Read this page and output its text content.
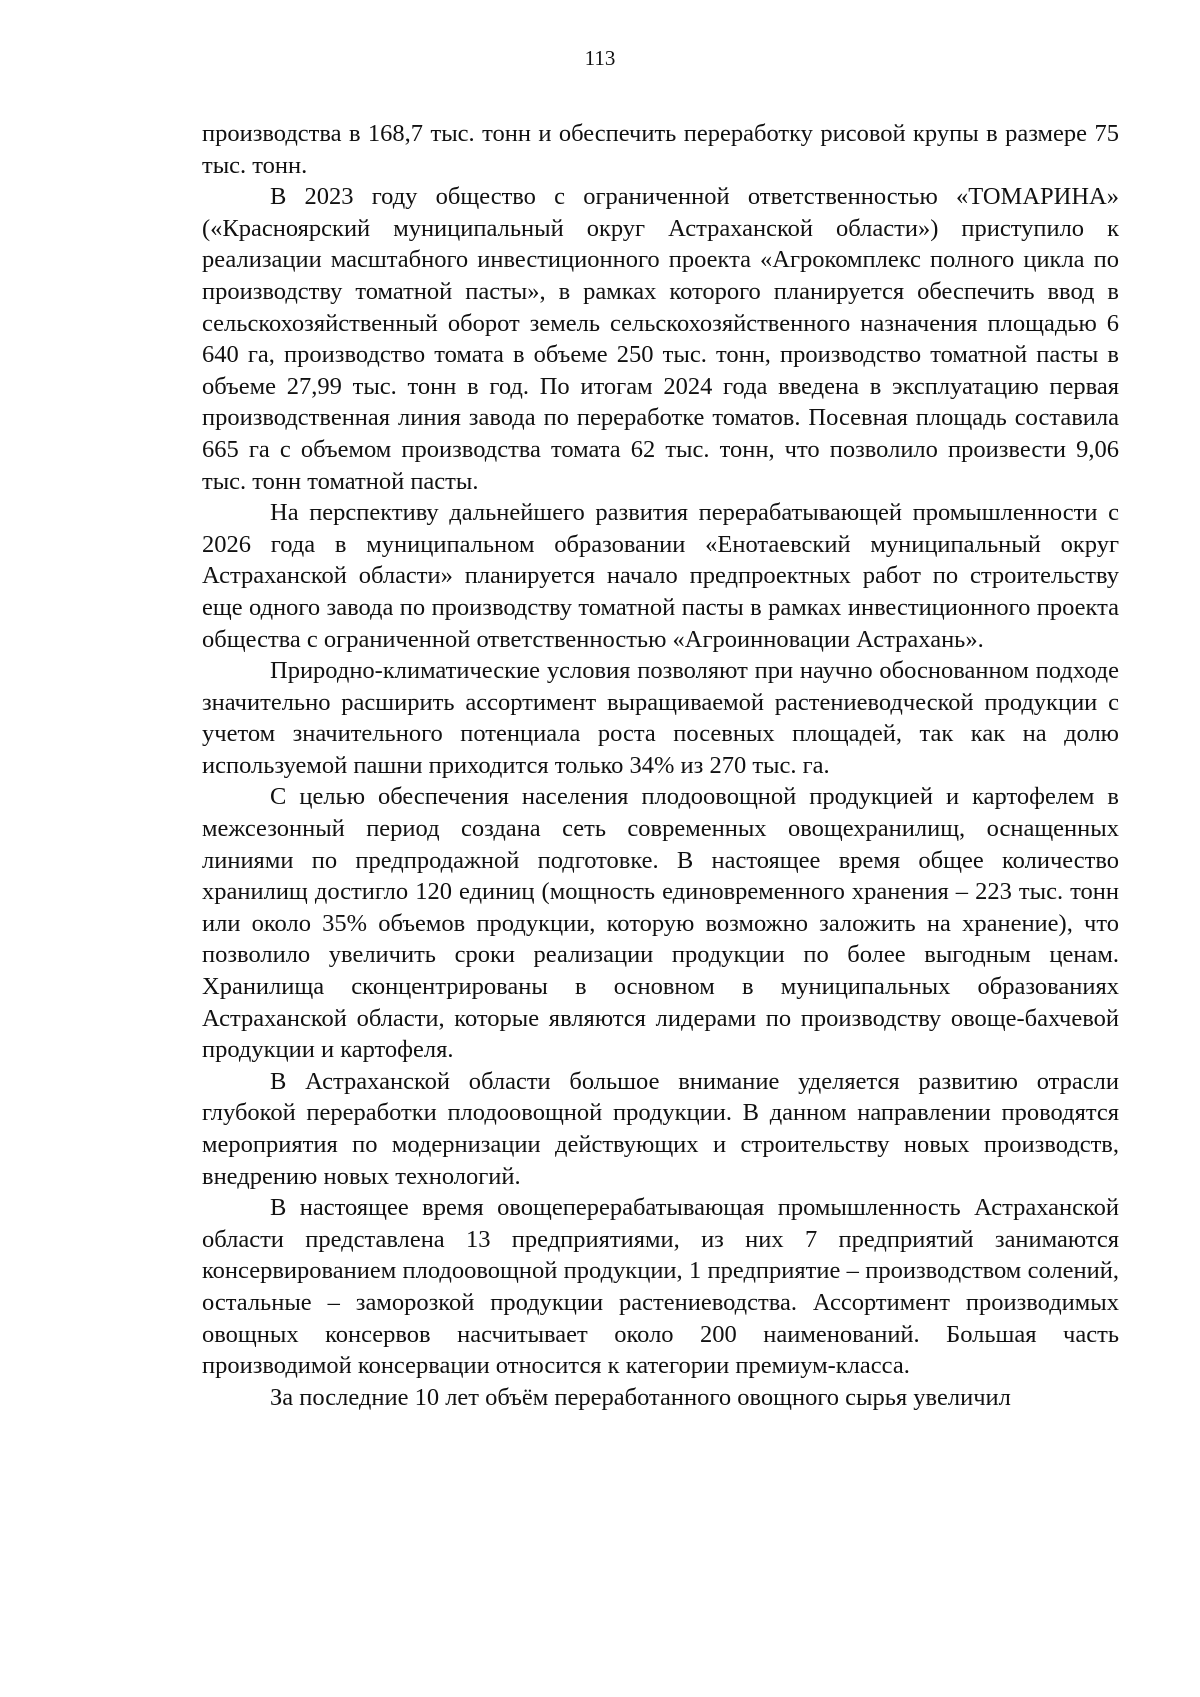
113

производства в 168,7 тыс. тонн и обеспечить переработку рисовой крупы в размере 75 тыс. тонн.

В 2023 году общество с ограниченной ответственностью «ТОМАРИНА» («Красноярский муниципальный округ Астраханской области») приступило к реализации масштабного инвестиционного проекта «Агрокомплекс полного цикла по производству томатной пасты», в рамках которого планируется обеспечить ввод в сельскохозяйственный оборот земель сельскохозяйственного назначения площадью 6 640 га, производство томата в объеме 250 тыс. тонн, производство томатной пасты в объеме 27,99 тыс. тонн в год. По итогам 2024 года введена в эксплуатацию первая производственная линия завода по переработке томатов. Посевная площадь составила 665 га с объемом производства томата 62 тыс. тонн, что позволило произвести 9,06 тыс. тонн томатной пасты.

На перспективу дальнейшего развития перерабатывающей промышленности с 2026 года в муниципальном образовании «Енотаевский муниципальный округ Астраханской области» планируется начало предпроектных работ по строительству еще одного завода по производству томатной пасты в рамках инвестиционного проекта общества с ограниченной ответственностью «Агроинновации Астрахань».

Природно-климатические условия позволяют при научно обоснованном подходе значительно расширить ассортимент выращиваемой растениеводческой продукции с учетом значительного потенциала роста посевных площадей, так как на долю используемой пашни приходится только 34% из 270 тыс. га.

С целью обеспечения населения плодоовощной продукцией и картофелем в межсезонный период создана сеть современных овощехранилищ, оснащенных линиями по предпродажной подготовке. В настоящее время общее количество хранилищ достигло 120 единиц (мощность единовременного хранения – 223 тыс. тонн или около 35% объемов продукции, которую возможно заложить на хранение), что позволило увеличить сроки реализации продукции по более выгодным ценам. Хранилища сконцентрированы в основном в муниципальных образованиях Астраханской области, которые являются лидерами по производству овоще-бахчевой продукции и картофеля.

В Астраханской области большое внимание уделяется развитию отрасли глубокой переработки плодоовощной продукции. В данном направлении проводятся мероприятия по модернизации действующих и строительству новых производств, внедрению новых технологий.

В настоящее время овощеперерабатывающая промышленность Астраханской области представлена 13 предприятиями, из них 7 предприятий занимаются консервированием плодоовощной продукции, 1 предприятие – производством солений, остальные – заморозкой продукции растениеводства. Ассортимент производимых овощных консервов насчитывает около 200 наименований. Большая часть производимой консервации относится к категории премиум-класса.

За последние 10 лет объём переработанного овощного сырья увеличил
